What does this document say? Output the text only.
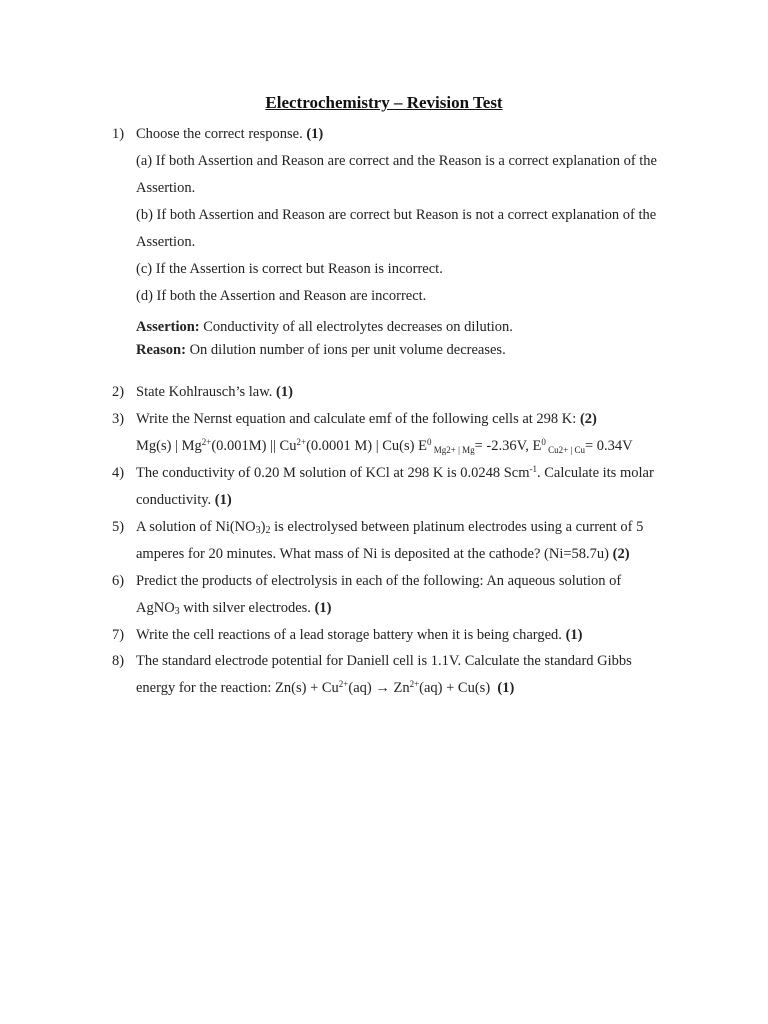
Electrochemistry – Revision Test
1) Choose the correct response. (1)
(a) If both Assertion and Reason are correct and the Reason is a correct explanation of the
Assertion.
(b) If both Assertion and Reason are correct but Reason is not a correct explanation of the
Assertion.
(c) If the Assertion is correct but Reason is incorrect.
(d) If both the Assertion and Reason are incorrect.
Assertion: Conductivity of all electrolytes decreases on dilution.
Reason: On dilution number of ions per unit volume decreases.
2) State Kohlrausch’s law. (1)
3) Write the Nernst equation and calculate emf of the following cells at 298 K: (2)
Mg(s) | $Mg^{2+}(0.001M)$ || $Cu^{2+}(0.0001$ M) | Cu(s) $E^0$ $_{Mg2+ | Mg}$= -2.36V, $E^0$ $_{Cu2+ | Cu}$= 0.34V
4) The conductivity of 0.20 M solution of KCl at 298 K is 0.0248 Scm$^{-1}$. Calculate its molar
conductivity. (1)
5) A solution of $Ni(NO_3)_2$ is electrolysed between platinum electrodes using a current of 5
amperes for 20 minutes. What mass of Ni is deposited at the cathode? (Ni=58.7u) (2)
6) Predict the products of electrolysis in each of the following: An aqueous solution of
AgNO$_3$ with silver electrodes. (1)
7) Write the cell reactions of a lead storage battery when it is being charged. (1)
8) The standard electrode potential for Daniell cell is 1.1V. Calculate the standard Gibbs
energy for the reaction: $Zn(s) + Cu^{2+}(aq) \to Zn^{2+}(aq) + Cu(s)$ (1)
